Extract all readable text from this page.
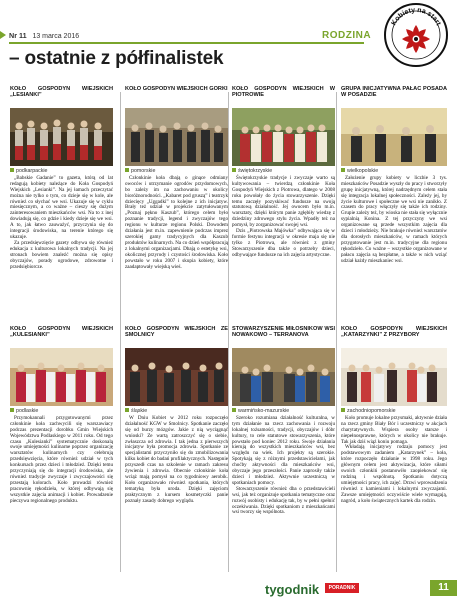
Nr 11 13 marca 2016	RODZINA
– ostatnie z półfinalistek
Kobiety na start
KOŁO GOSPODYŃ WIEJSKICH „LESIANKI”
podkarpackie

„Babskie Gadanie” to gazeta, którą od lat redagują kobiety należące do Koła Gospodyń Wiejskich „Lesianki”. Na jej łamach przeczytać można nie tylko o tym, co dzieje się w kole, ale również co słychać we wsi. Ukazuje się w cyklu miesięcznym, a co ważne – cieszy się dużym zainteresowaniem mieszkańców wsi. Na to z inej dowiadują się, co gdzie i kiedy dzieje się we wsi. A to, jak łatwo zauważyć, przyczynia się do integracji środowiska, na terenie którego się ukazuje.

Za przedsięwzięcie gazety odbywa się również edukacja z kulturowa lokalnych tradycji. Na jej stronach bowiem znaleźć można się opisy obyczajów, porady ogrodowe, zdrowotne i przedsiębiorcze.

KOŁO GOSPODYŃ WIEJSKICH GÓRKI
pomorskie

Członkinie koła dbają o ginące odmiany owoców i utrzymanie ogrodów przydomowych, bo zależy im na zachowaniu w okolicy bioróżnorodności. „Kabaret pod gruszą” i teatrzyk dziecięcy „Uggadki” to kolejne z ich inicjatyw. Brały też udział w projekcie zatytułowanym „Poznaj pękno Kaszub”, którego celem było poznanie tradycji, legend i zwyczajów tego regionu w kulturze regionu Polski. Dowodem działania jest m.in. zapewnienie podczas imprez szerokiej gamy tradycyjnych dla Kaszub produktów kulinarnych. Na co dzień współpracują z lokalnymi organizacjami. Dbają o estetykę wsi, okolicznej przyrody i czystości środowiska. Koło powstało w roku 2007 i skupia kobiety, które zaadaptowały wiejską wieś.

KOŁO GOSPODYŃ WIEJSKICH W PIOTROWIE
świętokrzyskie

Świętokrzyskie tradycje i zwyczaje warto są kultywowania – twierdzą członkinie Koła Gospodyń Wiejskich z Piotrowa, dlatego w 2008 roku powołały do życia stowarzyszenie. Dzięki temu zaczęły pozyskiwać fundusze na swoją statutową działalność. Jej owocem było m.in. warsztaty, dzięki którym panie zgłębiły wiedzę z dziedziny zdrowego stylu życia. Wpadły też na pomysł, by zorganizować swojej wsi.

Dzis „Piotrowska Majówka” odbywająca się w formie festynu integracji w okresie maja się nie tylko z Piotrowa, ale również z gminy Stowarzyszenie dba także o potrzeby dzieci, odbywające fundusze na ich zajęcia artystyczne.

GRUPA INICJATYWNA PAŁAC POSADA W POSADZIE
wielkopolskie

Założenie grupy kobiety w liczbie 3 tys. mieszkańców Posadzie wyszły do pracy i stworzyły grupę inicjatywną, której nadrzędnym celem stała się integracja lokalnej społeczności. Zależy jej, by życie kulturowe i społeczne we wsi nie zanikło. Z czasem do pracy włączyły się także ich rodziny. Grupie zależy też, by wioska nie stała się wyłącznie sypialnią Konina. Z tej przyczyny we wsi organizowane są przede wszystkim zajęcia dla dzieci i młodzieży. Nie brakuje również warsztatów dla dorosłych mieszkańców, w ramach których przygotowanie jest m.in. tradycyjne dla regionu rękodzieło. Co ważne – wszystkie organizowane w pałacu zajęcia są bezpłatne, a także w nich wziąć udział każdy mieszkaniec wsi.

KOŁO GOSPODYŃ WIEJSKICH „KULESIANKI”
podlaskie

Przymokannali przygotowanymi przez członkinie koła zachwycili się warszawiacy podczas prezentacji dorobku Gmin Wiejskich Województwa Podlaskiego w 2011 roku. Od tego czasu „Kulesianki” systematycznie doskonalą swoje umiejętności kulinarne poprzez organizację warsztatów kulinarnych czy celebrują przedsięwzięcia, które również udział w tych konkursach przez dzieci i młodzież. Dzięki temu przyczyniają się do integracji środowiska, ale również tradycje zwyczaje i zwyczajowości się przestają kolorach. Koło prowadzi również pracownię rękodzieła, w której odbywają się wszystkie zajęcia animacji i kobiet. Prowadzenie pieczywa regionalnego produktu.

KOŁO GOSPODYŃ WIEJSKICH ZE SMOLNICY
śląskie

W Dniu Kobiet w 2012 roku rozpoczęło działalność KGW w Smolnicy. Spotkanie zaczęło się od burzy mózgów. Jakie z nią wyciągnąć wnioski? Ze wartą zatroszczyć się o siebie, zwłaszcza od zdrowia. I tak jedna z pierwszych inicjatyw była promocja zdrowia. Spotkanie ze specjalistami przyczyniło się do zmobilizowania kilku kobiet do badań profilaktycznych. Następnie przyszedł czas na szkolenie w ramach zakresu żywienia i zdrowia. Obecnie członkinie koła wciąż mają pomysł na co tygodniowy aerobik. Koło organizowało również spotkania, których tematyką była uroda. Dzięki zajęciom praktycznym z kursem kosmetyczki panie poznały zasady dobrego wyglądu.

STOWARZYSZENIE MIŁOŚNIKÓW WSI NOWAKOWO – TERRANOVA
warmińsko-mazurskie

Szeroko rozumiana działalność kulturalna, w tym działanie na rzecz zachowania i rozwoju lokalnej tożsamości, tradycji, obyczajów i dóbr kultury, to cele statutowe stowarzyszenia, które powstało pod koniec 2012 roku. Swoje działania kierują do wszystkich mieszkańców wsi, bez względu na wiek. Ich projekty są szerokie. Spotykają się z różnymi przedstawicielami, jak choćby aktywności dla mieszkańców wsi, obyczaje jego przeszłości. Panie zaprosiły także dzieci i młodzież. Aktywnie uczestniczą w spotkaniach pomocy.

Stowarzyszenie również dba o przedstawicieli wsi, jak też organizuje spotkania tematyczne oraz rozwój osobisty i edukację tak, by w pełni spełnić oczekiwania. Dzięki spotkaniom z mieszkańcami wsi tworzy się wspólnota.

KOŁO GOSPODYŃ WIEJSKICH „KATARZYNKI” Z PRZYBORY
zachodniopomorskie

Koło promuje lokalne przysmaki, aktywnie działa na rzecz gminy Biały Bór i uczestniczy w akcjach charytatywnych. Wspiera osoby starsze i niepełnosprawne, których w okolicy nie brakuje. Tak jak dziś wiąż koniu pomaga.

Wkładają inicjatywy rodzaju pomocy jest podstawowym zadaniem „Katarzynek” – koła, które rozpoczęło działanie w 1998 roku. Jego głównym celem jest aktywizacja, które siłami swoich członkiń postanowiło zaopiekować się rodziną i wspólnotą. Spotkaniu dotyczą umiejętności pracy, ich zajęć. Drzwi wprowadzenia również z kamieniami i lokalnymi zwyczajami. Zawsze umiejętności oczywiście wiele wymagają, nagród, a koło świątecznych kartek dla rodzin.

tygodnik	PORADNIK	11
